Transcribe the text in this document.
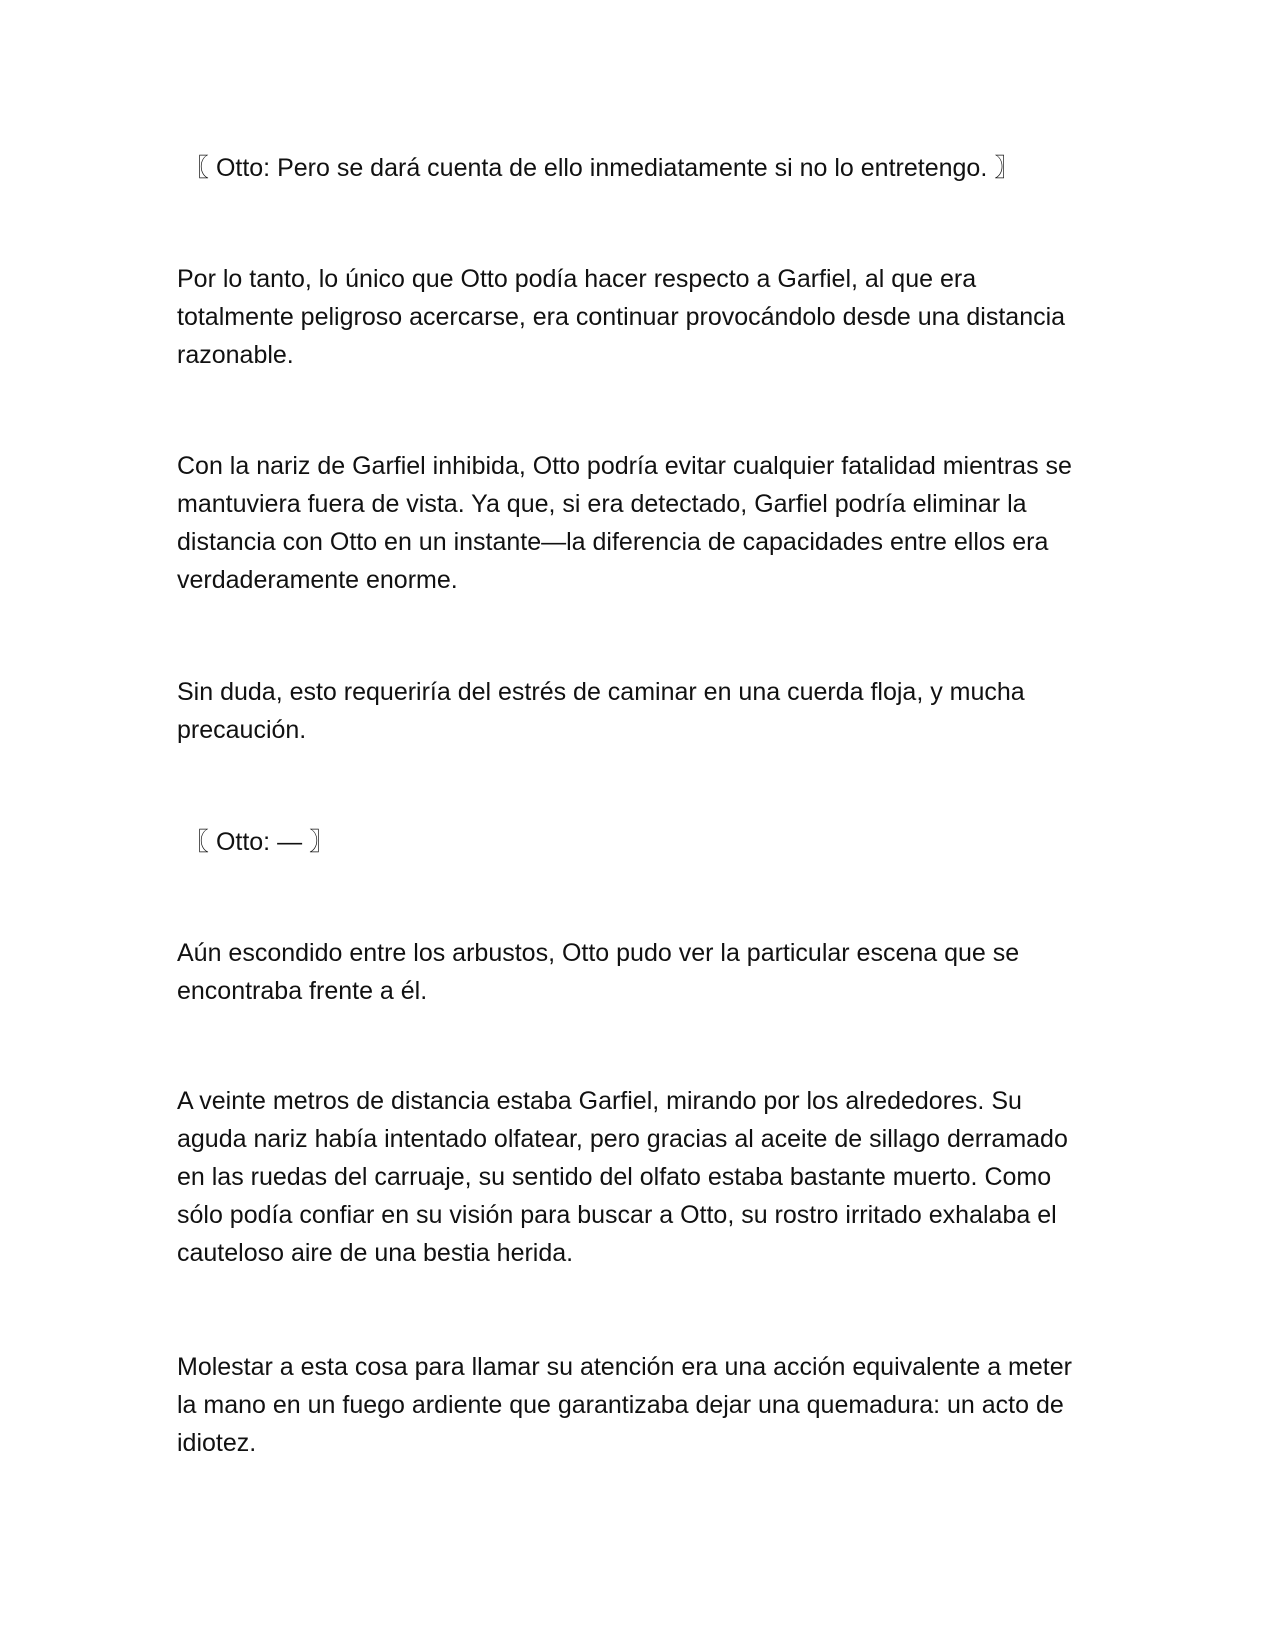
〖 Otto: Pero se dará cuenta de ello inmediatamente si no lo entretengo. 〗

Por lo tanto, lo único que Otto podía hacer respecto a Garfiel, al que era totalmente peligroso acercarse, era continuar provocándolo desde una distancia razonable.

Con la nariz de Garfiel inhibida, Otto podría evitar cualquier fatalidad mientras se mantuviera fuera de vista. Ya que, si era detectado, Garfiel podría eliminar la distancia con Otto en un instante—la diferencia de capacidades entre ellos era verdaderamente enorme.

Sin duda, esto requeriría del estrés de caminar en una cuerda floja, y mucha precaución.

〖 Otto: — 〗

Aún escondido entre los arbustos, Otto pudo ver la particular escena que se encontraba frente a él.

A veinte metros de distancia estaba Garfiel, mirando por los alrededores. Su aguda nariz había intentado olfatear, pero gracias al aceite de sillago derramado en las ruedas del carruaje, su sentido del olfato estaba bastante muerto. Como sólo podía confiar en su visión para buscar a Otto, su rostro irritado exhalaba el cauteloso aire de una bestia herida.

Molestar a esta cosa para llamar su atención era una acción equivalente a meter la mano en un fuego ardiente que garantizaba dejar una quemadura: un acto de idiotez.
